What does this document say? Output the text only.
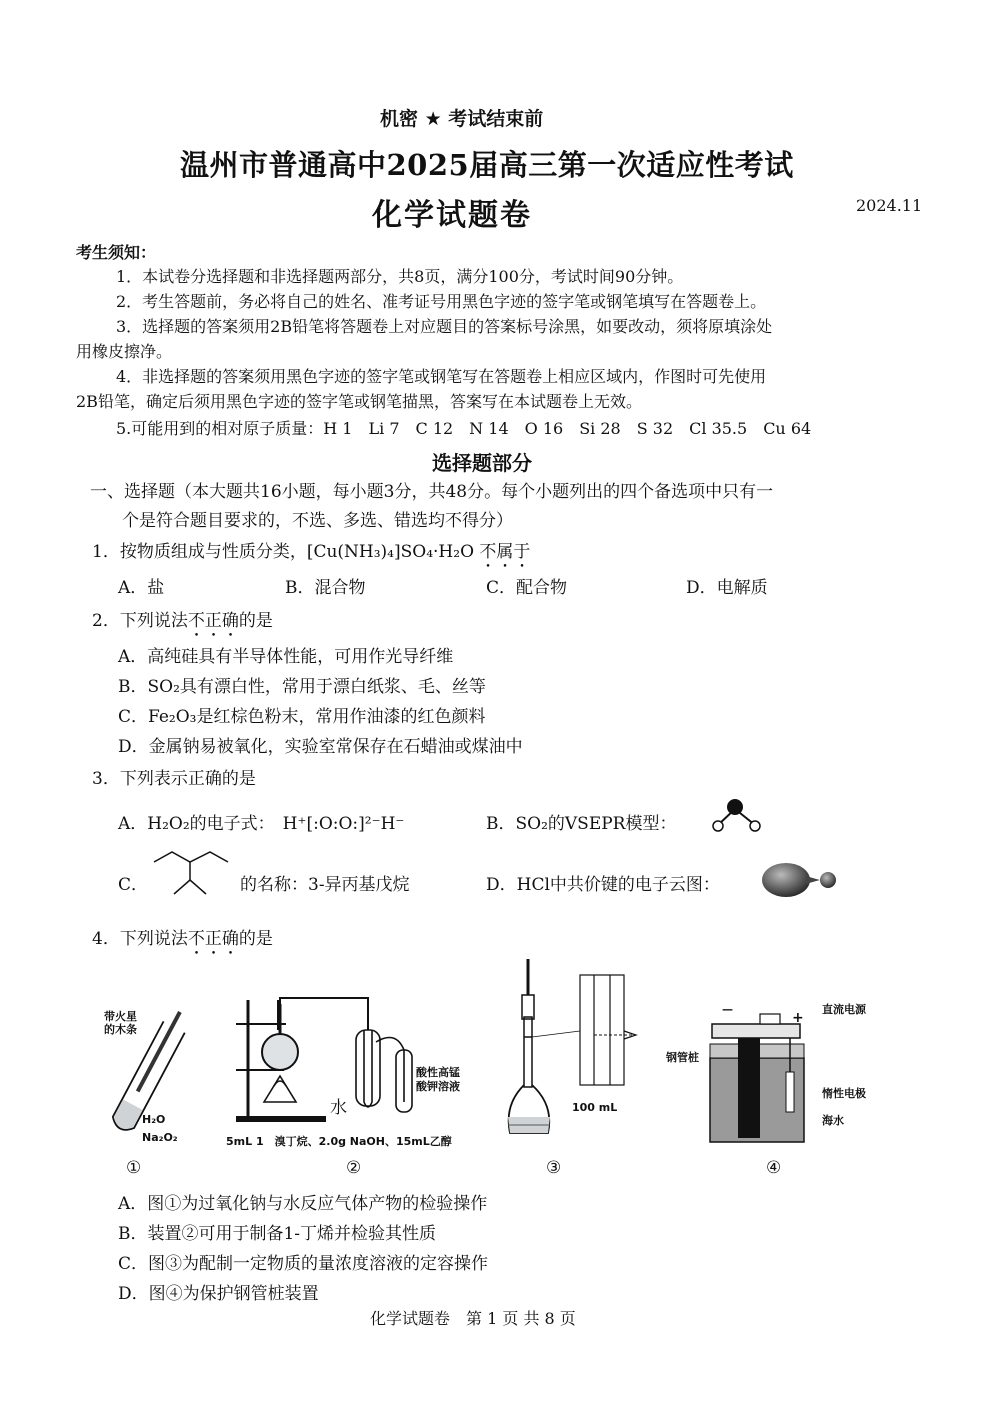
机密 ★ 考试结束前
温州市普通高中2025届高三第一次适应性考试
化学试题卷	2024.11
考生须知：
1．本试卷分选择题和非选择题两部分，共8页，满分100分，考试时间90分钟。
2．考生答题前，务必将自己的姓名、准考证号用黑色字迹的签字笔或钢笔填写在答题卷上。
3．选择题的答案须用2B铅笔将答题卷上对应题目的答案标号涂黑，如要改动，须将原填涂处
用橡皮擦净。
4．非选择题的答案须用黑色字迹的签字笔或钢笔写在答题卷上相应区域内，作图时可先使用
2B铅笔，确定后须用黑色字迹的签字笔或钢笔描黑，答案写在本试题卷上无效。
5.可能用到的相对原子质量：H 1　Li 7　C 12　N 14　O 16　Si 28　S 32　Cl 35.5　Cu 64
选择题部分
一、选择题（本大题共16小题，每小题3分，共48分。每个小题列出的四个备选项中只有一
个是符合题目要求的，不选、多选、错选均不得分）
1．按物质组成与性质分类，[Cu(NH₃)₄]SO₄·H₂O 不属于
A．盐	B．混合物	C．配合物	D．电解质
2．下列说法不正确的是
A．高纯硅具有半导体性能，可用作光导纤维
B．SO₂具有漂白性，常用于漂白纸浆、毛、丝等
C．Fe₂O₃是红棕色粉末，常用作油漆的红色颜料
D．金属钠易被氧化，实验室常保存在石蜡油或煤油中
3．下列表示正确的是
A．H₂O₂的电子式： H⁺[:O:O:]²⁻H⁻	B．SO₂的VSEPR模型：
C．	的名称：3-异丙基戊烷	D．HCl中共价键的电子云图：
4．下列说法不正确的是
带火星
的木条
H₂O
Na₂O₂
①
水
酸性高锰
酸钾溶液
5mL 1　溴丁烷、2.0g NaOH、15mL乙醇
②
100 mL
③
—
+
直流电源
钢管桩
惰性电极
海水
④
A．图①为过氧化钠与水反应气体产物的检验操作
B．装置②可用于制备1-丁烯并检验其性质
C．图③为配制一定物质的量浓度溶液的定容操作
D．图④为保护钢管桩装置
化学试题卷　第 1 页 共 8 页
